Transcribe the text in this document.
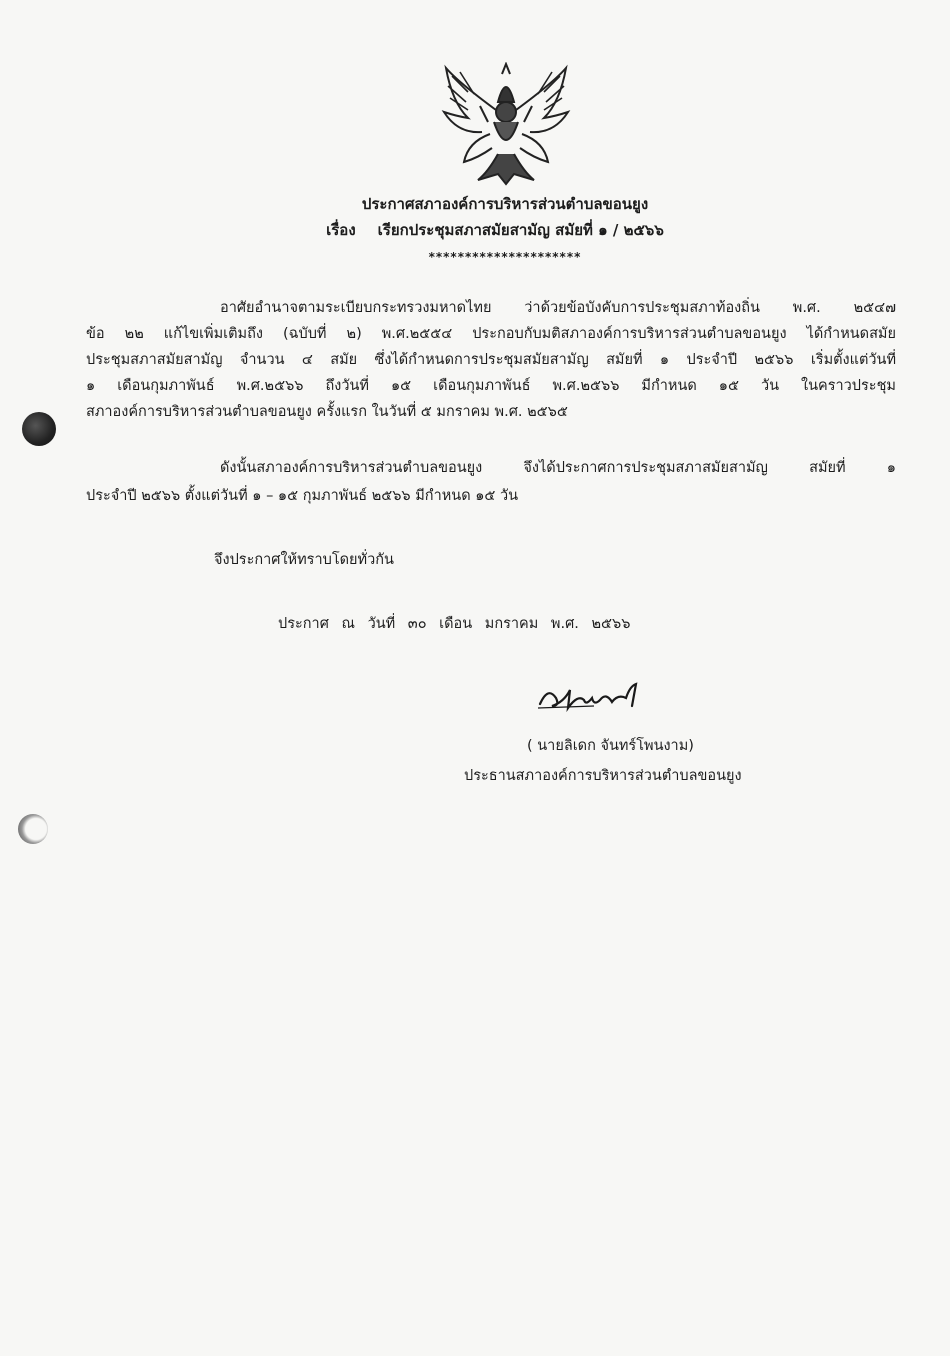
ประกาศสภาองค์การบริหารส่วนตำบลขอนยูง
เรื่อง เรียกประชุมสภาสมัยสามัญ สมัยที่ ๑ / ๒๕๖๖
*********************
อาศัยอำนาจตามระเบียบกระทรวงมหาดไทย ว่าด้วยข้อบังคับการประชุมสภาท้องถิ่น พ.ศ. ๒๕๔๗
ข้อ ๒๒ แก้ไขเพิ่มเติมถึง (ฉบับที่ ๒) พ.ศ.๒๕๕๔ ประกอบกับมติสภาองค์การบริหารส่วนตำบลขอนยูง ได้กำหนดสมัย
ประชุมสภาสมัยสามัญ จำนวน ๔ สมัย ซึ่งได้กำหนดการประชุมสมัยสามัญ สมัยที่ ๑ ประจำปี ๒๕๖๖ เริ่มตั้งแต่วันที่
๑ เดือนกุมภาพันธ์ พ.ศ.๒๕๖๖ ถึงวันที่ ๑๕ เดือนกุมภาพันธ์ พ.ศ.๒๕๖๖ มีกำหนด ๑๕ วัน ในคราวประชุม
สภาองค์การบริหารส่วนตำบลขอนยูง ครั้งแรก ในวันที่ ๕ มกราคม พ.ศ. ๒๕๖๕
ดังนั้นสภาองค์การบริหารส่วนตำบลขอนยูง จึงได้ประกาศการประชุมสภาสมัยสามัญ สมัยที่ ๑
ประจำปี ๒๕๖๖ ตั้งแต่วันที่ ๑ – ๑๕ กุมภาพันธ์ ๒๕๖๖ มีกำหนด ๑๕ วัน
จึงประกาศให้ทราบโดยทั่วกัน
ประกาศ ณ วันที่ ๓๐ เดือน มกราคม พ.ศ. ๒๕๖๖
( นายลิเดก จันทร์โพนงาม)
ประธานสภาองค์การบริหารส่วนตำบลขอนยูง
